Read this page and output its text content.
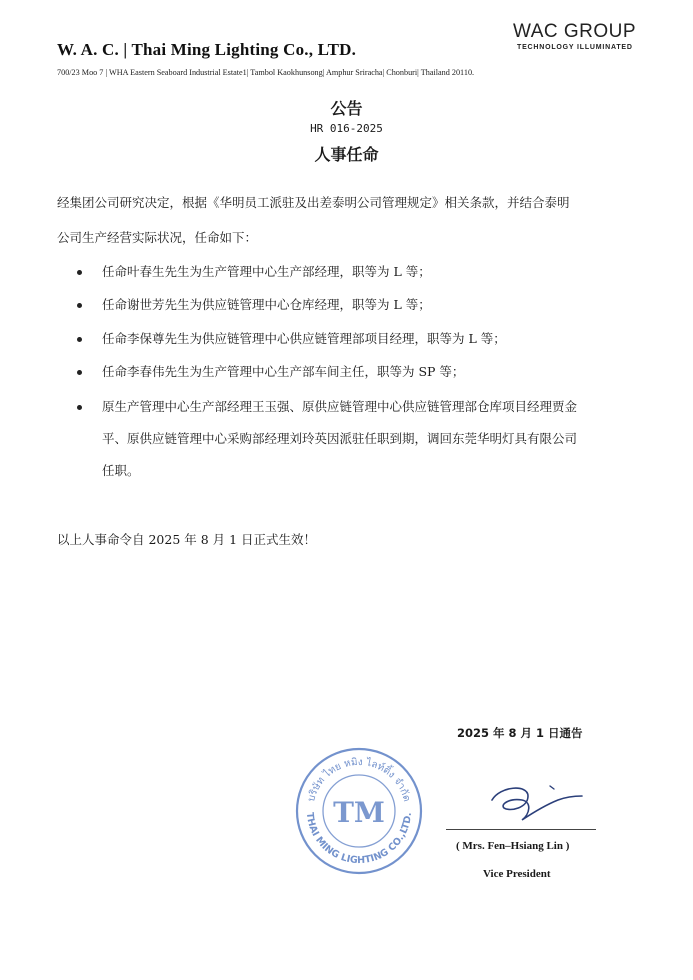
W. A. C. | Thai Ming Lighting Co., LTD.
700/23 Moo 7 | WHA Eastern Seaboard Industrial Estate1| Tambol Kaokhunsong| Amphur Sriracha| Chonburi| Thailand 20110.
WAC GROUP
TECHNOLOGY ILLUMINATED
公告
HR 016-2025
人事任命
经集团公司研究决定，根据《华明员工派驻及出差泰明公司管理规定》相关条款，并结合泰明
公司生产经营实际状况，任命如下：
任命叶春生先生为生产管理中心生产部经理，职等为 L 等；
任命谢世芳先生为供应链管理中心仓库经理，职等为 L 等；
任命李保尊先生为供应链管理中心供应链管理部项目经理，职等为 L 等；
任命李春伟先生为生产管理中心生产部车间主任，职等为 SP 等；
原生产管理中心生产部经理王玉强、原供应链管理中心供应链管理部仓库项目经理贾金
平、原供应链管理中心采购部经理刘玲英因派驻任职到期，调回东莞华明灯具有限公司
任职。
以上人事命令自 2025 年 8 月 1 日正式生效！
2025 年 8 月 1 日通告
บริษัท ไทย หมิง ไลท์ติ้ง จำกัด
THAI MING LIGHTING CO.,LTD.
TM
( Mrs. Fen–Hsiang Lin )
Vice President
